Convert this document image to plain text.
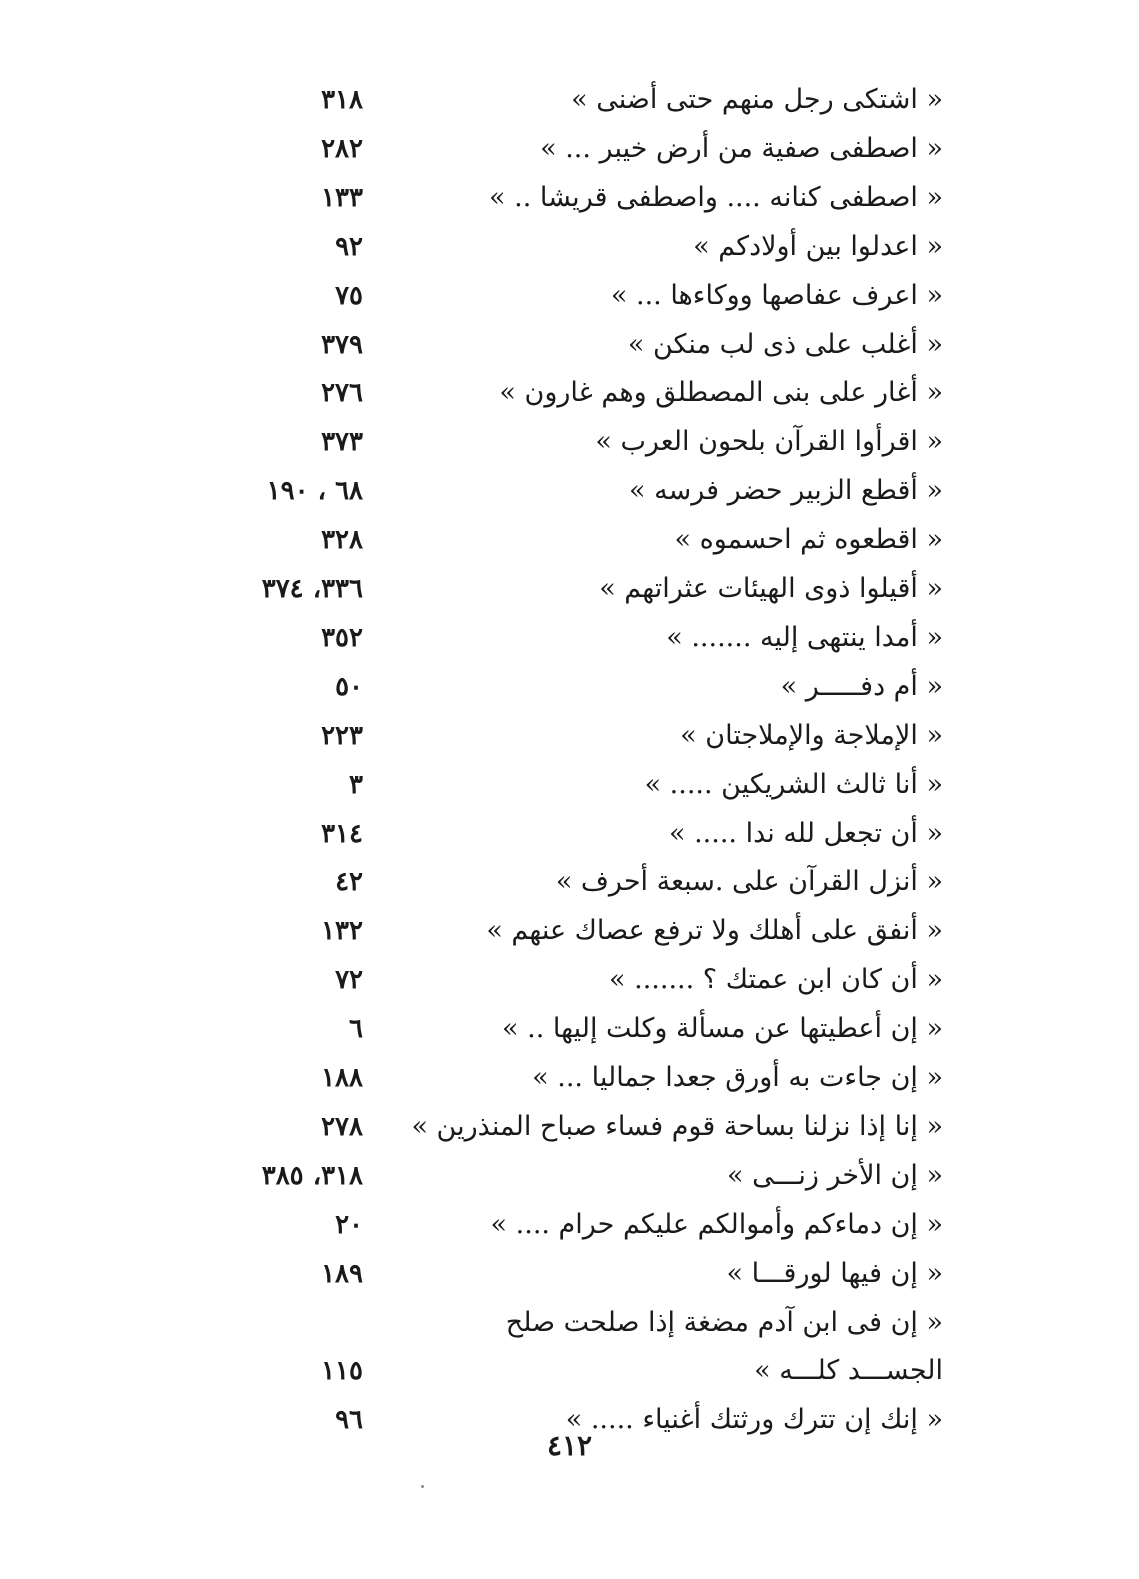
« اشتكى رجل منهم حتى أضنى »
٣١٨
« اصطفى صفية من أرض خيبر ... »
٢٨٢
« اصطفى كنانه .... واصطفى قريشا .. »
١٣٣
« اعدلوا بين أولادكم »
٩٢
« اعرف عفاصها ووكاءها ... »
٧٥
« أغلب على ذى لب منكن »
٣٧٩
« أغار على بنى المصطلق وهم غارون »
٢٧٦
« اقرأوا القرآن بلحون العرب »
٣٧٣
« أقطع الزبير حضر فرسه »
٦٨ ، ١٩٠
« اقطعوه ثم احسموه »
٣٢٨
« أقيلوا ذوى الهيئات عثراتهم »
٣٣٦، ٣٧٤
« أمدا ينتهى إليه ....... »
٣٥٢
« أم دفـــــر »
٥٠
« الإملاجة والإملاجتان »
٢٢٣
« أنا ثالث الشريكين ..... »
٣
« أن تجعل لله ندا ..... »
٣١٤
« أنزل القرآن على .سبعة أحرف »
٤٢
« أنفق على أهلك ولا ترفع عصاك عنهم »
١٣٢
« أن كان ابن عمتك ؟ ....... »
٧٢
« إن أعطيتها عن مسألة وكلت إليها .. »
٦
« إن جاءت به أورق جعدا جماليا ... »
١٨٨
« إنا إذا نزلنا بساحة قوم فساء صباح المنذرين »
٢٧٨
« إن الأخر زنـــى »
٣١٨، ٣٨٥
« إن دماءكم وأموالكم عليكم حرام .... »
٢٠
« إن فيها لورقـــا »
١٨٩
« إن فى ابن آدم مضغة إذا صلحت صلح
الجســـد كلـــه »
١١٥
« إنك إن تترك ورثتك أغنياء ..... »
٩٦
٤١٢
